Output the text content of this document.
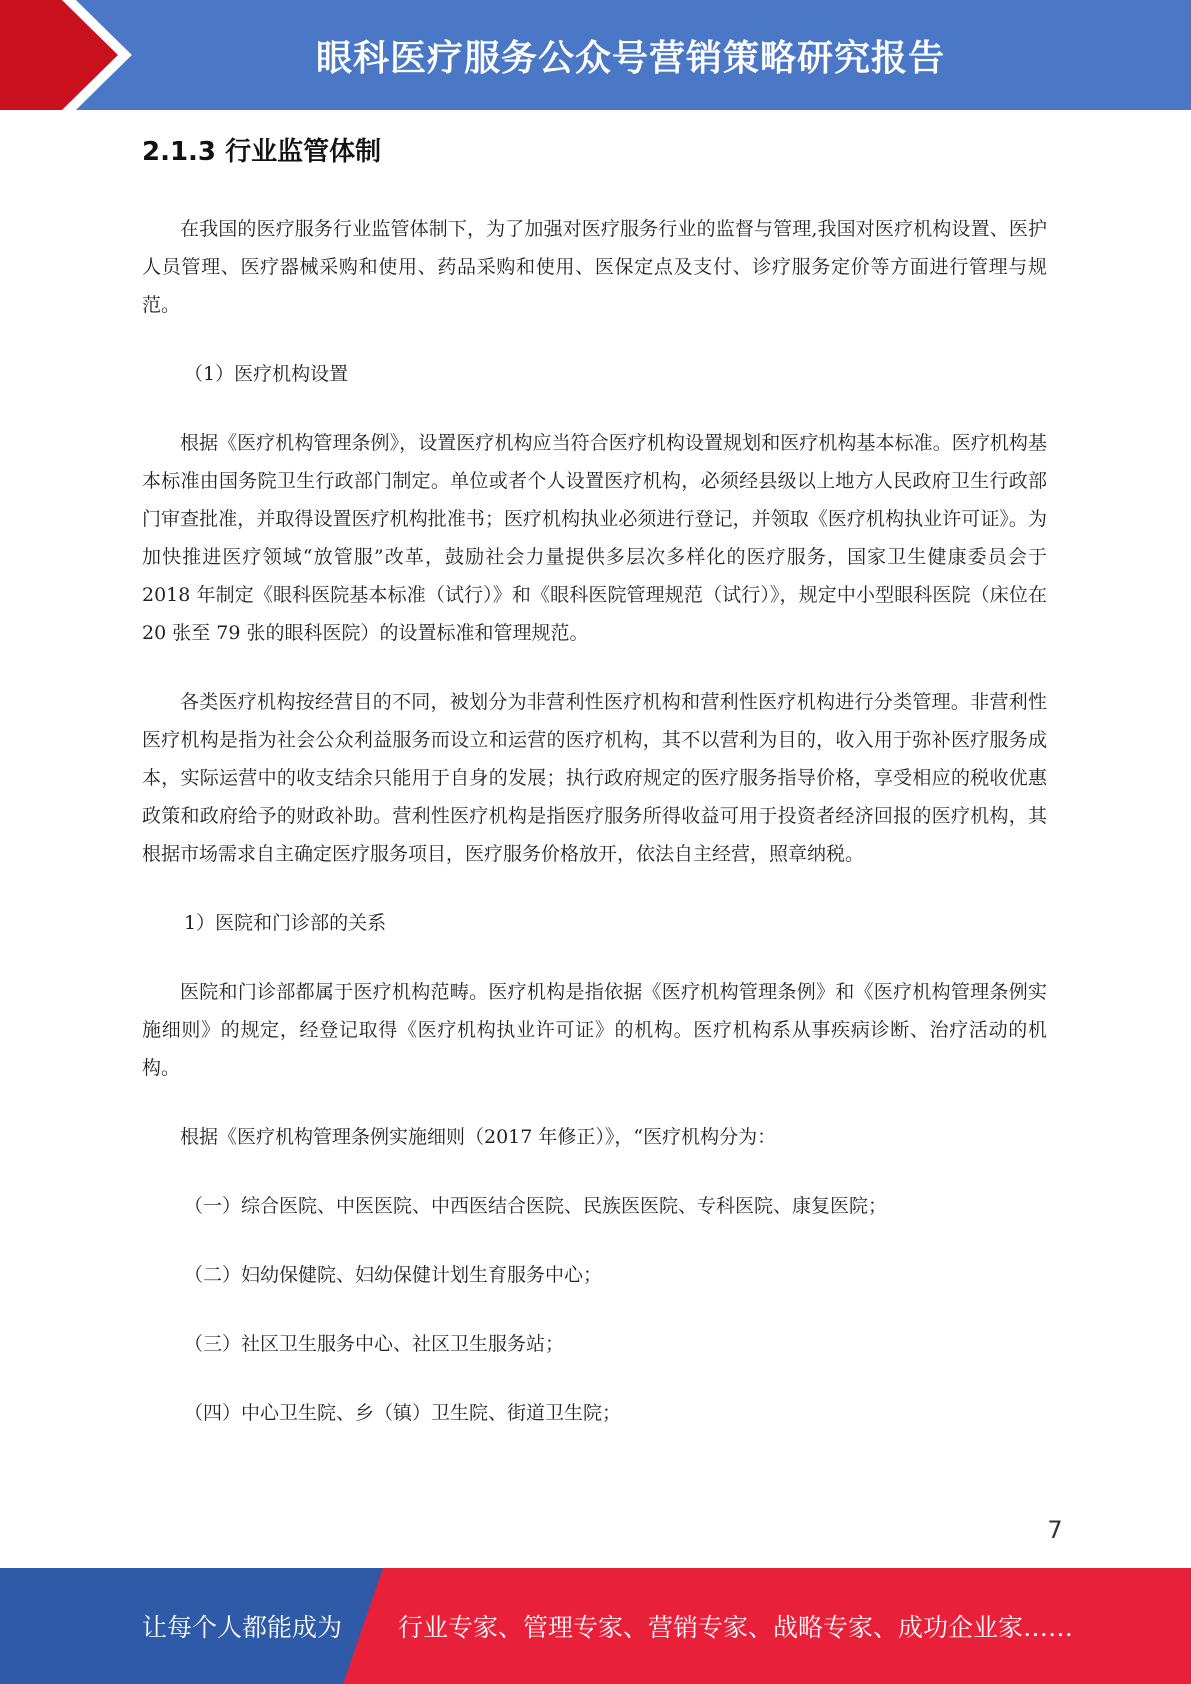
眼科医疗服务公众号营销策略研究报告
2.1.3 行业监管体制

在我国的医疗服务行业监管体制下，为了加强对医疗服务行业的监督与管理,我国对医疗机构设置、医护人员管理、医疗器械采购和使用、药品采购和使用、医保定点及支付、诊疗服务定价等方面进行管理与规范。

（1）医疗机构设置

根据《医疗机构管理条例》，设置医疗机构应当符合医疗机构设置规划和医疗机构基本标准。医疗机构基本标准由国务院卫生行政部门制定。单位或者个人设置医疗机构，必须经县级以上地方人民政府卫生行政部门审查批准，并取得设置医疗机构批准书；医疗机构执业必须进行登记，并领取《医疗机构执业许可证》。为加快推进医疗领域“放管服”改革，鼓励社会力量提供多层次多样化的医疗服务，国家卫生健康委员会于 2018 年制定《眼科医院基本标准（试行）》和《眼科医院管理规范（试行）》，规定中小型眼科医院（床位在 20 张至 79 张的眼科医院）的设置标准和管理规范。

各类医疗机构按经营目的不同，被划分为非营利性医疗机构和营利性医疗机构进行分类管理。非营利性医疗机构是指为社会公众利益服务而设立和运营的医疗机构，其不以营利为目的，收入用于弥补医疗服务成本，实际运营中的收支结余只能用于自身的发展；执行政府规定的医疗服务指导价格，享受相应的税收优惠政策和政府给予的财政补助。营利性医疗机构是指医疗服务所得收益可用于投资者经济回报的医疗机构，其根据市场需求自主确定医疗服务项目，医疗服务价格放开，依法自主经营，照章纳税。

1）医院和门诊部的关系

医院和门诊部都属于医疗机构范畴。医疗机构是指依据《医疗机构管理条例》和《医疗机构管理条例实施细则》的规定，经登记取得《医疗机构执业许可证》的机构。医疗机构系从事疾病诊断、治疗活动的机构。

根据《医疗机构管理条例实施细则（2017 年修正）》，“医疗机构分为：

（一）综合医院、中医医院、中西医结合医院、民族医医院、专科医院、康复医院；

（二）妇幼保健院、妇幼保健计划生育服务中心；

（三）社区卫生服务中心、社区卫生服务站；

（四）中心卫生院、乡（镇）卫生院、街道卫生院；

7
让每个人都能成为 行业专家、管理专家、营销专家、战略专家、成功企业家……
